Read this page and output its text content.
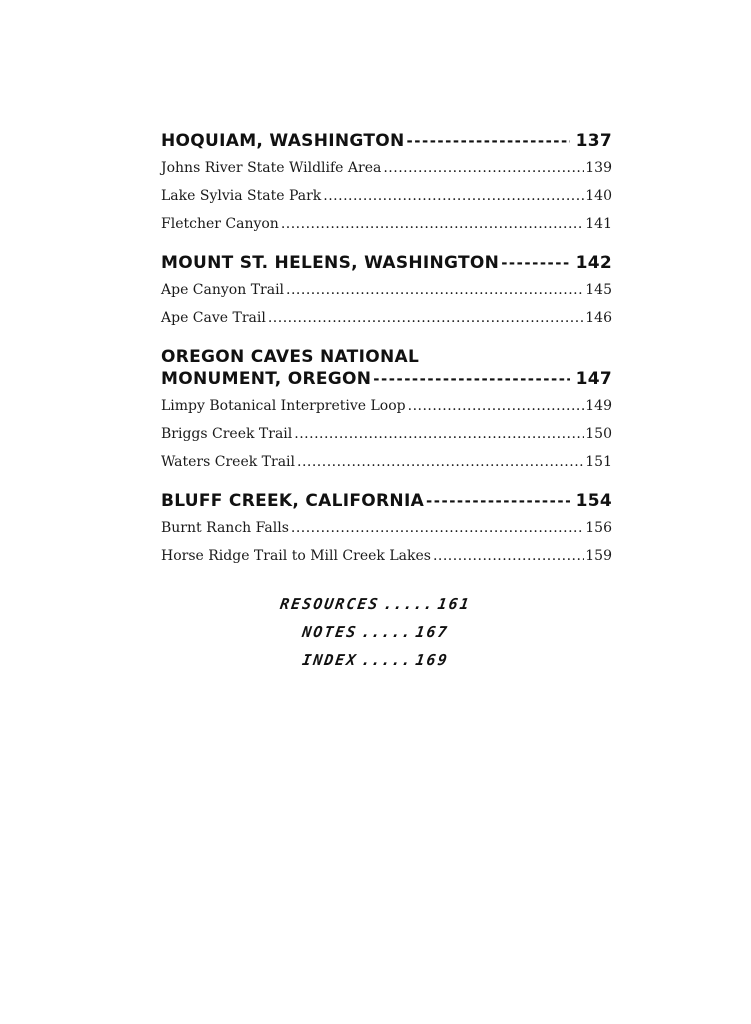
HOQUIAM, WASHINGTON -----	137
Johns River State Wildlife Area .....	139
Lake Sylvia State Park .....	140
Fletcher Canyon .....	141
MOUNT ST. HELENS, WASHINGTON -----	142
Ape Canyon Trail .....	145
Ape Cave Trail .....	146
OREGON CAVES NATIONAL
MONUMENT, OREGON -----	147
Limpy Botanical Interpretive Loop .....	149
Briggs Creek Trail .....	150
Waters Creek Trail .....	151
BLUFF CREEK, CALIFORNIA -----	154
Burnt Ranch Falls .....	156
Horse Ridge Trail to Mill Creek Lakes .....	159
RESOURCES.....161
NOTES.....167
INDEX.....169
